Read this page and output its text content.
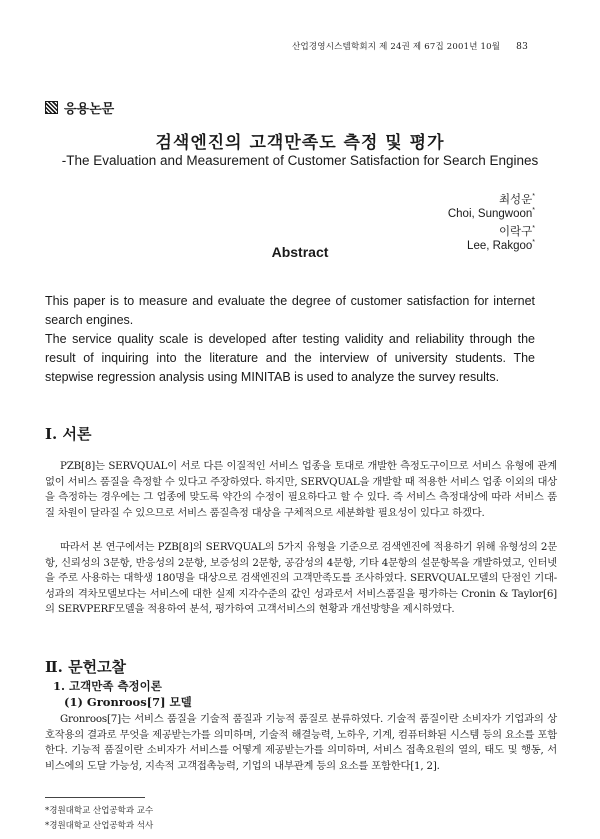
산업경영시스템학회지 제 24권 제 67집 2001년 10월 83
응용논문
검색엔진의 고객만족도 측정 및 평가
-The Evaluation and Measurement of Customer Satisfaction for Search Engines
최성운*
Choi, Sungwoon*
이락구*
Lee, Rakgoo*
Abstract

This paper is to measure and evaluate the degree of customer satisfaction for internet search engines.

The service quality scale is developed after testing validity and reliability through the result of inquiring into the literature and the interview of university students. The stepwise regression analysis using MINITAB is used to analyze the survey results.

Ⅰ. 서론

PZB[8]는 SERVQUAL이 서로 다른 이질적인 서비스 업종을 토대로 개발한 측정도구이므로 서비스 유형에 관계없이 서비스 품질을 측정할 수 있다고 주장하였다. 하지만, SERVQUAL을 개발할 때 적용한 서비스 업종 이외의 대상을 측정하는 경우에는 그 업종에 맞도록 약간의 수정이 필요하다고 할 수 있다. 즉 서비스 측정대상에 따라 서비스 품질 차원이 달라질 수 있으므로 서비스 품질측정 대상을 구체적으로 세분화할 필요성이 있다고 하겠다.

따라서 본 연구에서는 PZB[8]의 SERVQUAL의 5가지 유형을 기준으로 검색엔진에 적용하기 위해 유형성의 2문항, 신뢰성의 3문항, 반응성의 2문항, 보증성의 2문항, 공감성의 4문항, 기타 4문항의 설문항목을 개발하였고, 인터넷을 주로 사용하는 대학생 180명을 대상으로 검색엔진의 고객만족도를 조사하였다. SERVQUAL모델의 단점인 기대-성과의 격차모델보다는 서비스에 대한 실제 지각수준의 값인 성과로서 서비스품질을 평가하는 Cronin & Taylor[6]의 SERVPERF모델을 적용하여 분석, 평가하여 고객서비스의 현황과 개선방향을 제시하였다.

Ⅱ. 문헌고찰
1. 고객만족 측정이론
(1) Gronroos[7] 모델

Gronroos[7]는 서비스 품질을 기술적 품질과 기능적 품질로 분류하였다. 기술적 품질이란 소비자가 기업과의 상호작용의 결과로 무엇을 제공받는가를 의미하며, 기술적 해결능력, 노하우, 기계, 컴퓨터화된 시스템 등의 요소를 포함한다. 기능적 품질이란 소비자가 서비스를 어떻게 제공받는가를 의미하며, 서비스 접촉요원의 열의, 태도 및 행동, 서비스에의 도달 가능성, 지속적 고객접촉능력, 기업의 내부관계 등의 요소를 포함한다[1, 2].

*경원대학교 산업공학과 교수
*경원대학교 산업공학과 석사
